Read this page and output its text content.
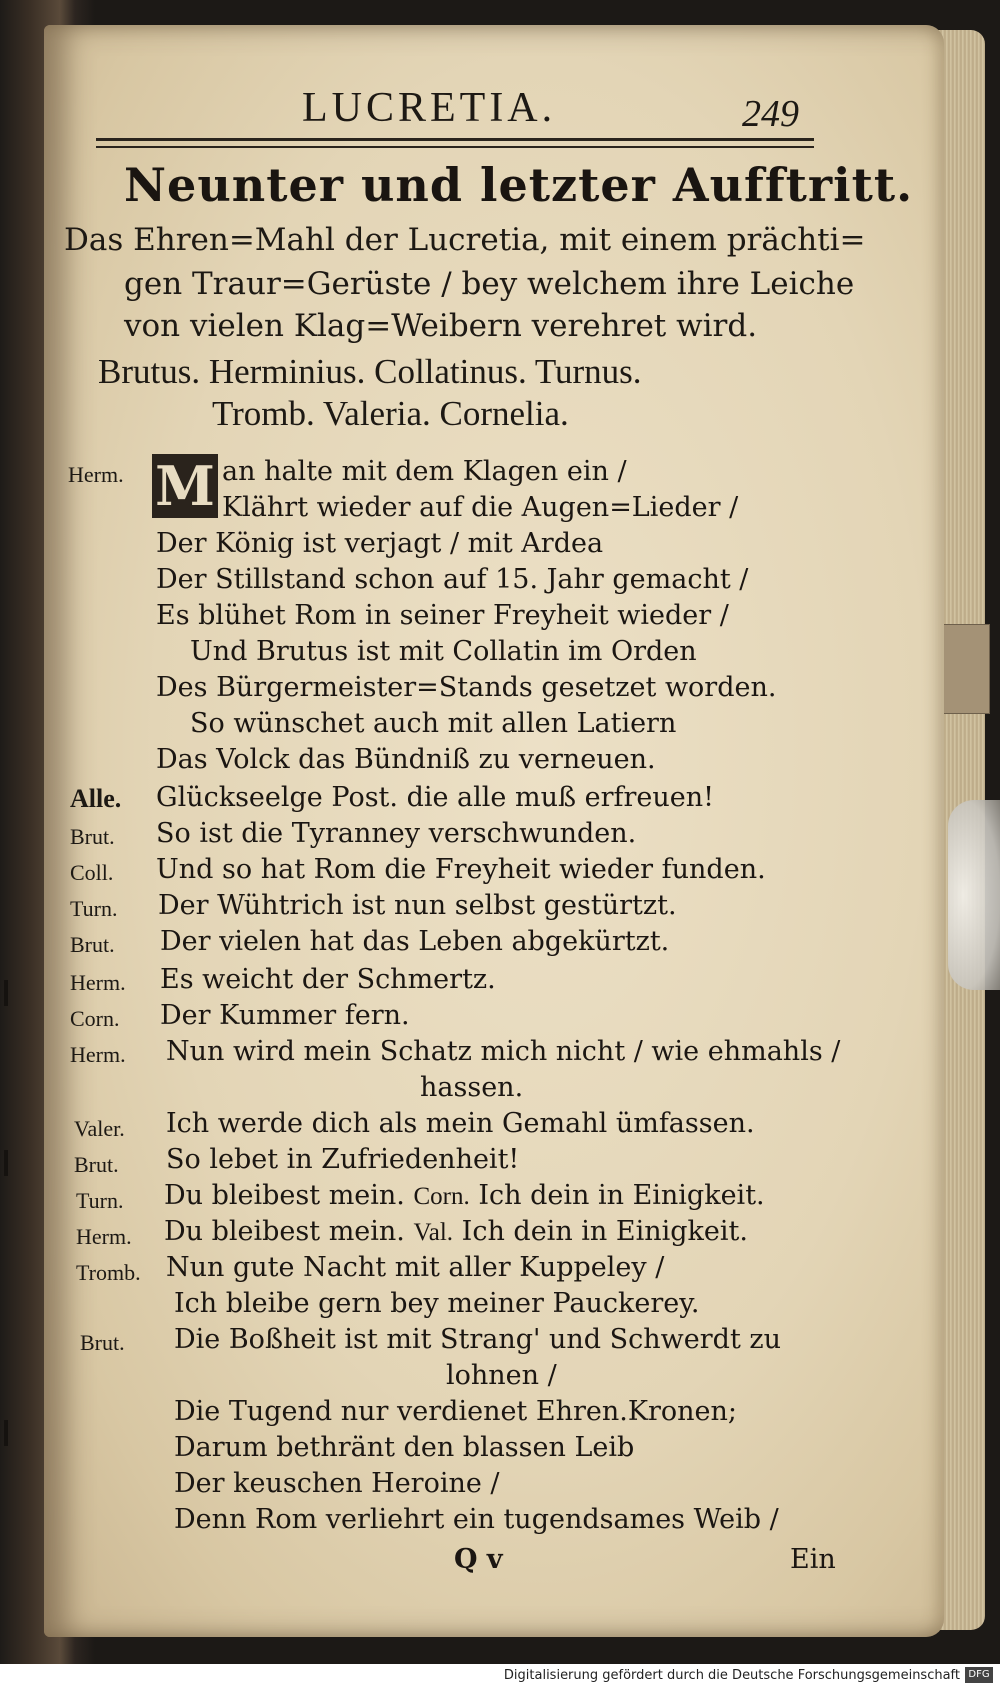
LUCRETIA.	249
Neunter und letzter Aufftritt.
Das Ehren=Mahl der Lucretia, mit einem prächti=
gen Traur=Gerüste / bey welchem ihre Leiche
von vielen Klag=Weibern verehret wird.
Brutus. Herminius. Collatinus. Turnus.
Tromb. Valeria. Cornelia.
M
Herm.	an halte mit dem Klagen ein /
Klährt wieder auf die Augen=Lieder /
Der König ist verjagt / mit Ardea
Der Stillstand schon auf 15. Jahr gemacht /
Es blühet Rom in seiner Freyheit wieder /
Und Brutus ist mit Collatin im Orden
Des Bürgermeister=Stands gesetzet worden.
So wünschet auch mit allen Latiern
Das Volck das Bündniß zu verneuen.
Alle. Glückseelge Post. die alle muß erfreuen!
Brut. So ist die Tyranney verschwunden.
Coll. Und so hat Rom die Freyheit wieder funden.
Turn. Der Wühtrich ist nun selbst gestürtzt.
Brut. Der vielen hat das Leben abgekürtzt.
Herm. Es weicht der Schmertz.
Corn. Der Kummer fern.
Herm. Nun wird mein Schatz mich nicht / wie ehmahls /
hassen.
Valer. Ich werde dich als mein Gemahl ümfassen.
Brut. So lebet in Zufriedenheit!
Turn. Du bleibest mein. Corn. Ich dein in Einigkeit.
Herm. Du bleibest mein. Val. Ich dein in Einigkeit.
Tromb. Nun gute Nacht mit aller Kuppeley /
Ich bleibe gern bey meiner Pauckerey.
Brut. Die Boßheit ist mit Strang' und Schwerdt zu
lohnen /
Die Tugend nur verdienet Ehren.Kronen;
Darum bethränt den blassen Leib
Der keuschen Heroine /
Denn Rom verliehrt ein tugendsames Weib /
Q v	Ein
Digitalisierung gefördert durch die Deutsche Forschungsgemeinschaft DFG
